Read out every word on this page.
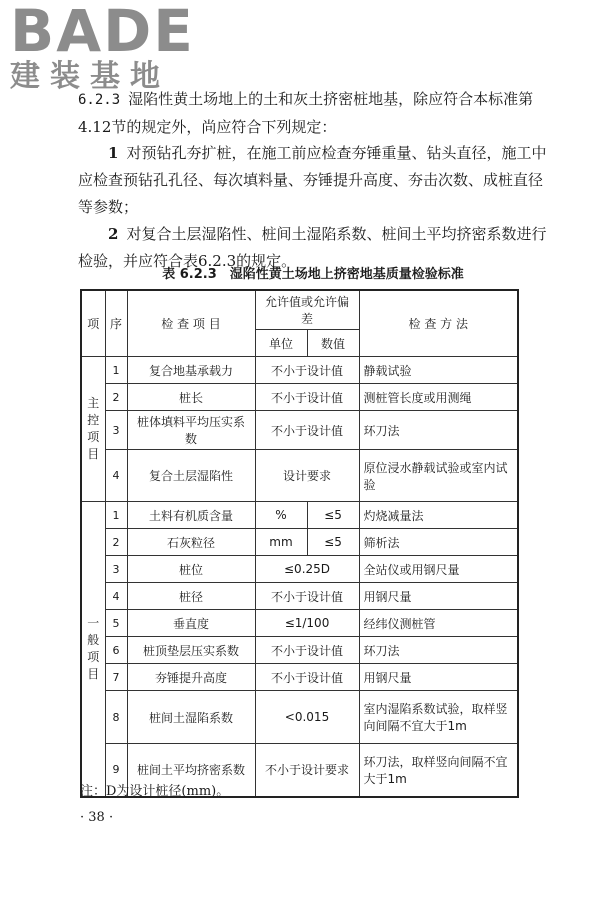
BADE
建装基地
6.2.3 湿陷性黄土场地上的土和灰土挤密桩地基，除应符合本标准第4.12节的规定外，尚应符合下列规定：
1 对预钻孔夯扩桩，在施工前应检查夯锤重量、钻头直径，施工中应检查预钻孔孔径、每次填料量、夯锤提升高度、夯击次数、成桩直径等参数；
2 对复合土层湿陷性、桩间土湿陷系数、桩间土平均挤密系数进行检验，并应符合表6.2.3的规定。
表 6.2.3　湿陷性黄土场地上挤密地基质量检验标准
项	序	检 查 项 目	允许值或允许偏差		检 查 方 法
			单位	数值	
主
控
项
目	1	复合地基承载力	不小于设计值		静载试验
	2	桩长	不小于设计值		测桩管长度或用测绳
	3	桩体填料平均压实系数	不小于设计值		环刀法
	4	复合土层湿陷性	设计要求		原位浸水静载试验或室内试验
一
般
项
目	1	土料有机质含量	%	≤5	灼烧减量法
	2	石灰粒径	mm	≤5	筛析法
	3	桩位	≤0.25D		全站仪或用钢尺量
	4	桩径	不小于设计值		用钢尺量
	5	垂直度	≤1/100		经纬仪测桩管
	6	桩顶垫层压实系数	不小于设计值		环刀法
	7	夯锤提升高度	不小于设计值		用钢尺量
	8	桩间土湿陷系数	<0.015		室内湿陷系数试验，取样竖向间隔不宜大于1m
	9	桩间土平均挤密系数	不小于设计要求		环刀法，取样竖向间隔不宜大于1m
注：D为设计桩径(mm)。
· 38 ·
